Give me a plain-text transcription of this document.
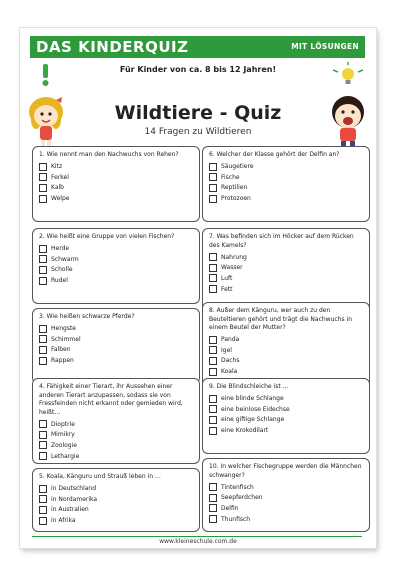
DAS KINDERQUIZ	MIT LÖSUNGEN
Für Kinder von ca. 8 bis 12 Jahren!
Wildtiere - Quiz
14 Fragen zu Wildtieren
1. Wie nennt man den Nachwuchs von Rehen?
Kitz
Ferkel
Kalb
Welpe
2. Wie heißt eine Gruppe von vielen Fischen?
Herde
Schwarm
Scholle
Rudel
3. Wie heißen schwarze Pferde?
Hengste
Schimmel
Falben
Rappen
4. Fähigkeit einer Tierart, ihr Aussehen einer anderen Tierart anzupassen, sodass sie von Fressfeinden nicht erkannt oder gemieden wird, heißt…
Dioptrie
Mimikry
Zoologie
Lethargie
5. Koala, Känguru und Strauß leben in …
in Deutschland
in Nordamerika
in Australien
in Afrika
6. Welcher der Klasse gehört der Delfin an?
Säugetiere
Fische
Reptilien
Protozoen
7. Was befinden sich im Höcker auf dem Rücken des Kamels?
Nahrung
Wasser
Luft
Fett
8. Außer dem Känguru, wer auch zu den Beuteltieren gehört und trägt die Nachwuchs in einem Beutel der Mutter?
Panda
Igel
Dachs
Koala
9. Die Blindschleiche ist …
eine blinde Schlange
eine beinlose Eidechse
eine giftige Schlange
eine Krokodilart
10. In welcher Fischegruppe werden die Männchen schwanger?
Tintenfisch
Seepferdchen
Delfin
Thunfisch
www.kleineschule.com.de
